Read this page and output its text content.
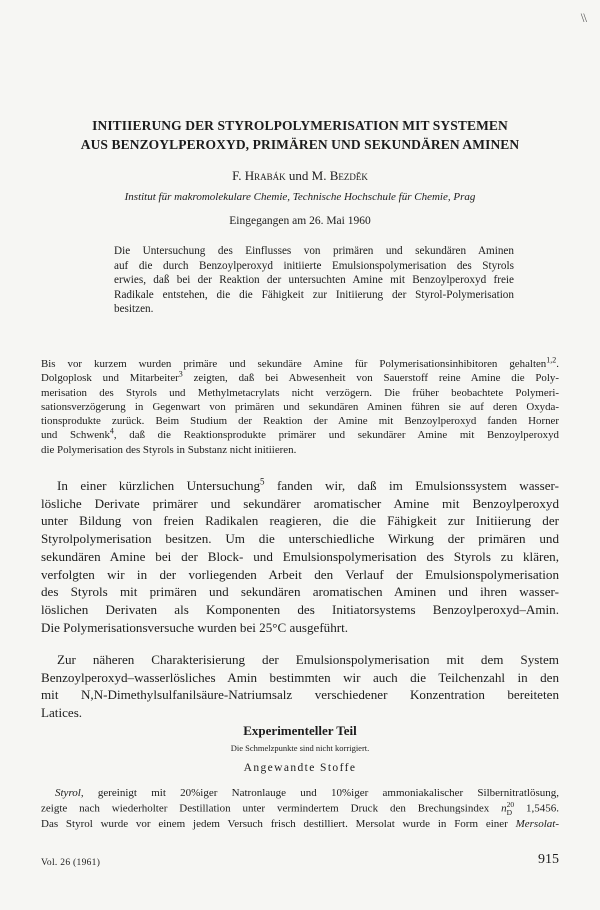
\\
INITIIERUNG DER STYROLPOLYMERISATION MIT SYSTEMEN
AUS BENZOYLPEROXYD, PRIMÄREN UND SEKUNDÄREN AMINEN
F. Hrabák und M. Bezděk
Institut für makromolekulare Chemie, Technische Hochschule für Chemie, Prag
Eingegangen am 26. Mai 1960
Die Untersuchung des Einflusses von primären und sekundären Aminen
auf die durch Benzoylperoxyd initiierte Emulsionspolymerisation des Styrols
erwies, daß bei der Reaktion der untersuchten Amine mit Benzoylperoxyd freie
Radikale entstehen, die die Fähigkeit zur Initiierung der Styrol-Polymerisation
besitzen.
Bis vor kurzem wurden primäre und sekundäre Amine für Polymerisationsinhibitoren gehalten$^{1,2}$.
Dolgoplosk und Mitarbeiter$^3$ zeigten, daß bei Abwesenheit von Sauerstoff reine Amine die Poly-
merisation des Styrols und Methylmetacrylats nicht verzögern. Die früher beobachtete Polymeri-
sationsverzögerung in Gegenwart von primären und sekundären Aminen führen sie auf deren Oxyda-
tionsprodukte zurück. Beim Studium der Reaktion der Amine mit Benzoylperoxyd fanden Horner
und Schwenk$^4$, daß die Reaktionsprodukte primärer und sekundärer Amine mit Benzoylperoxyd
die Polymerisation des Styrols in Substanz nicht initiieren.
In einer kürzlichen Untersuchung$^5$ fanden wir, daß im Emulsionssystem wasser-
lösliche Derivate primärer und sekundärer aromatischer Amine mit Benzoylperoxyd
unter Bildung von freien Radikalen reagieren, die die Fähigkeit zur Initiierung der
Styrolpolymerisation besitzen. Um die unterschiedliche Wirkung der primären und
sekundären Amine bei der Block- und Emulsionspolymerisation des Styrols zu klären,
verfolgten wir in der vorliegenden Arbeit den Verlauf der Emulsionspolymerisation
des Styrols mit primären und sekundären aromatischen Aminen und ihren wasser-
löslichen Derivaten als Komponenten des Initiatorsystems Benzoylperoxyd–Amin.
Die Polymerisationsversuche wurden bei 25°C ausgeführt.
Zur näheren Charakterisierung der Emulsionspolymerisation mit dem System
Benzoylperoxyd–wasserlösliches Amin bestimmten wir auch die Teilchenzahl in den
mit N,N-Dimethylsulfanilsäure-Natriumsalz verschiedener Konzentration bereiteten
Latices.
Experimenteller Teil
Die Schmelzpunkte sind nicht korrigiert.
Angewandte Stoffe
Styrol, gereinigt mit 20%iger Natronlauge und 10%iger ammoniakalischer Silbernitratlösung,
zeigte nach wiederholter Destillation unter vermindertem Druck den Brechungsindex n 20
D 1,5456.
Das Styrol wurde vor einem jedem Versuch frisch destilliert. Mersolat wurde in Form einer Mersolat-
Vol. 26 (1961)	915
